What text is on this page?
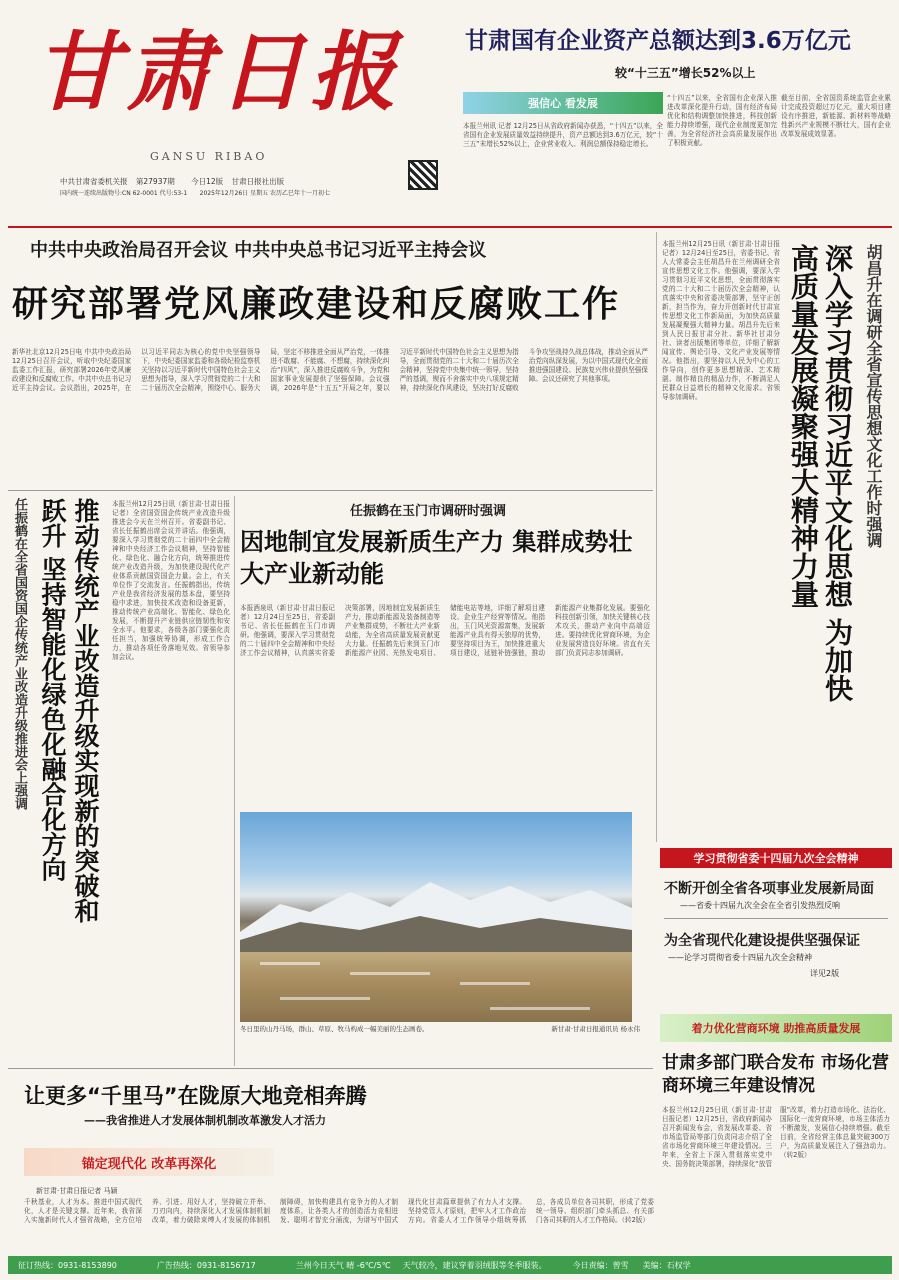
甘肃日报
GANSU RIBAO
中共甘肃省委机关报 第27937期 今日12版 甘肃日报社出版
国内统一连续出版物号:CN 62-0001 代号:53-1 2025年12月26日 星期五 农历乙巳年十一月初七
甘肃国有企业资产总额达到3.6万亿元
较“十三五”增长52%以上
强信心 看发展
本报兰州讯 记者 12月25日从省政府新闻办获悉，“十四五”以来，全省国有企业发展质量效益持续提升，资产总额达到3.6万亿元，较“十三五”末增长52%以上，企业营业收入、利润总额保持稳定增长。
“十四五”以来，全省国有企业深入推进改革深化提升行动，国有经济布局优化和结构调整加快推进，科技创新能力持续增强，现代企业制度更加完善，为全省经济社会高质量发展作出了积极贡献。
截至目前，全省国资系统监管企业累计完成投资超过万亿元，重大项目建设有序推进，新能源、新材料等战略性新兴产业规模不断壮大，国有企业改革发展成效显著。
中共中央政治局召开会议 中共中央总书记习近平主持会议
研究部署党风廉政建设和反腐败工作
新华社北京12月25日电 中共中央政治局12月25日召开会议，听取中央纪委国家监委工作汇报，研究部署2026年党风廉政建设和反腐败工作。中共中央总书记习近平主持会议。会议指出，2025年，在以习近平同志为核心的党中央坚强领导下，中央纪委国家监委和各级纪检监察机关坚持以习近平新时代中国特色社会主义思想为指导，深入学习贯彻党的二十大和二十届历次全会精神，围绕中心、服务大局，坚定不移推进全面从严治党，一体推进不敢腐、不能腐、不想腐，持续深化纠治“四风”，深入推进反腐败斗争，为党和国家事业发展提供了坚强保障。会议强调，2026年是“十五五”开局之年，要以习近平新时代中国特色社会主义思想为指导，全面贯彻党的二十大和二十届历次全会精神，坚持党中央集中统一领导，坚持严的基调，锲而不舍落实中央八项规定精神，持续深化作风建设，坚决打好反腐败斗争攻坚战持久战总体战，推动全面从严治党向纵深发展，为以中国式现代化全面推进强国建设、民族复兴伟业提供坚强保障。会议还研究了其他事项。
本报兰州12月25日讯（新甘肃·甘肃日报记者）12月24日至25日，省委书记、省人大常委会主任胡昌升在兰州调研全省宣传思想文化工作。他强调，要深入学习贯彻习近平文化思想，全面贯彻落实党的二十大和二十届历次全会精神，认真落实中央和省委决策部署，坚守正创新，担当作为，奋力开创新时代甘肃宣传思想文化工作新局面，为加快高质量发展凝聚强大精神力量。胡昌升先后来到人民日报甘肃分社、新华社甘肃分社、读者出版集团等单位，详细了解新闻宣传、舆论引导、文化产业发展等情况。他指出，要坚持以人民为中心的工作导向，创作更多思想精深、艺术精湛、制作精良的精品力作，不断满足人民群众日益增长的精神文化需求。省领导参加调研。	深入学习贯彻习近平文化思想 为加快高质量发展凝聚强大精神力量	胡昌升在调研全省宣传思想文化工作时强调
任振鹤在全省国资国企传统产业改造升级推进会上强调	推动传统产业改造升级实现新的突破和跃升 坚持智能化绿色化融合化方向	本报兰州12月25日讯（新甘肃·甘肃日报记者）全省国资国企传统产业改造升级推进会今天在兰州召开。省委副书记、省长任振鹤出席会议并讲话。他强调，要深入学习贯彻党的二十届四中全会精神和中央经济工作会议精神，坚持智能化、绿色化、融合化方向，统筹推进传统产业改造升级，为加快建设现代化产业体系贡献国资国企力量。会上，有关单位作了交流发言。任振鹤指出，传统产业是我省经济发展的基本盘，要坚持稳中求进，加快技术改造和设备更新，推动传统产业高端化、智能化、绿色化发展，不断提升产业链供应链韧性和安全水平。他要求，各级各部门要强化责任担当，加强统筹协调，形成工作合力，推动各项任务落地见效。省领导参加会议。
任振鹤在玉门市调研时强调
因地制宜发展新质生产力 集群成势壮大产业新动能
本报酒泉讯（新甘肃·甘肃日报记者）12月24日至25日，省委副书记、省长任振鹤在玉门市调研。他强调，要深入学习贯彻党的二十届四中全会精神和中央经济工作会议精神，认真落实省委决策部署，因地制宜发展新质生产力，推动新能源及装备制造等产业集群成势，不断壮大产业新动能，为全省高质量发展贡献更大力量。任振鹤先后来到玉门市新能源产业园、光热发电项目、储能电站等地，详细了解项目建设、企业生产经营等情况。他指出，玉门风光资源富集，发展新能源产业具有得天独厚的优势，要坚持项目为王，加快推进重大项目建设，延链补链强链，推动新能源产业集群化发展。要强化科技创新引领，加快关键核心技术攻关，推动产业向中高端迈进。要持续优化营商环境，为企业发展营造良好环境。省直有关部门负责同志参加调研。
冬日里的山丹马场，群山、草原、牧马构成一幅美丽的生态画卷。	新甘肃·甘肃日报通讯员 杨永伟
让更多“千里马”在陇原大地竞相奔腾
——我省推进人才发展体制机制改革激发人才活力
锚定现代化 改革再深化
新甘肃·甘肃日报记者 马颖
千秋基业，人才为本。推进中国式现代化，人才是关键支撑。近年来，我省深入实施新时代人才强省战略，全方位培养、引进、用好人才，坚持破立并举、刀刃向内，持续深化人才发展体制机制改革，着力破除束缚人才发展的体制机制障碍，加快构建具有竞争力的人才制度体系，让各类人才的创造活力竞相迸发、聪明才智充分涌流，为谱写中国式现代化甘肃篇章提供了有力人才支撑。坚持党管人才原则，把牢人才工作政治方向。省委人才工作领导小组统筹抓总，各成员单位各司其职，形成了党委统一领导、组织部门牵头抓总、有关部门各司其职的人才工作格局。（转2版）
学习贯彻省委十四届九次全会精神
不断开创全省各项事业发展新局面
——省委十四届九次全会在全省引发热烈反响
为全省现代化建设提供坚强保证
——论学习贯彻省委十四届九次全会精神
详见2版
着力优化营商环境 助推高质量发展
甘肃多部门联合发布 市场化营商环境三年建设情况
本报兰州12月25日讯（新甘肃·甘肃日报记者）12月25日，省政府新闻办召开新闻发布会，省发展改革委、省市场监管局等部门负责同志介绍了全省市场化营商环境三年建设情况。三年来，全省上下深入贯彻落实党中央、国务院决策部署，持续深化“放管服”改革，着力打造市场化、法治化、国际化一流营商环境，市场主体活力不断激发，发展信心持续增强。截至目前，全省经营主体总量突破300万户，为高质量发展注入了强劲动力。（转2版）
征订热线：0931-8153890	广告热线：0931-8156717	兰州今日天气 晴 -6℃/5℃ 天气较冷，建议穿着羽绒服等冬季服装。	今日责编：曾雪 美编：石权学
